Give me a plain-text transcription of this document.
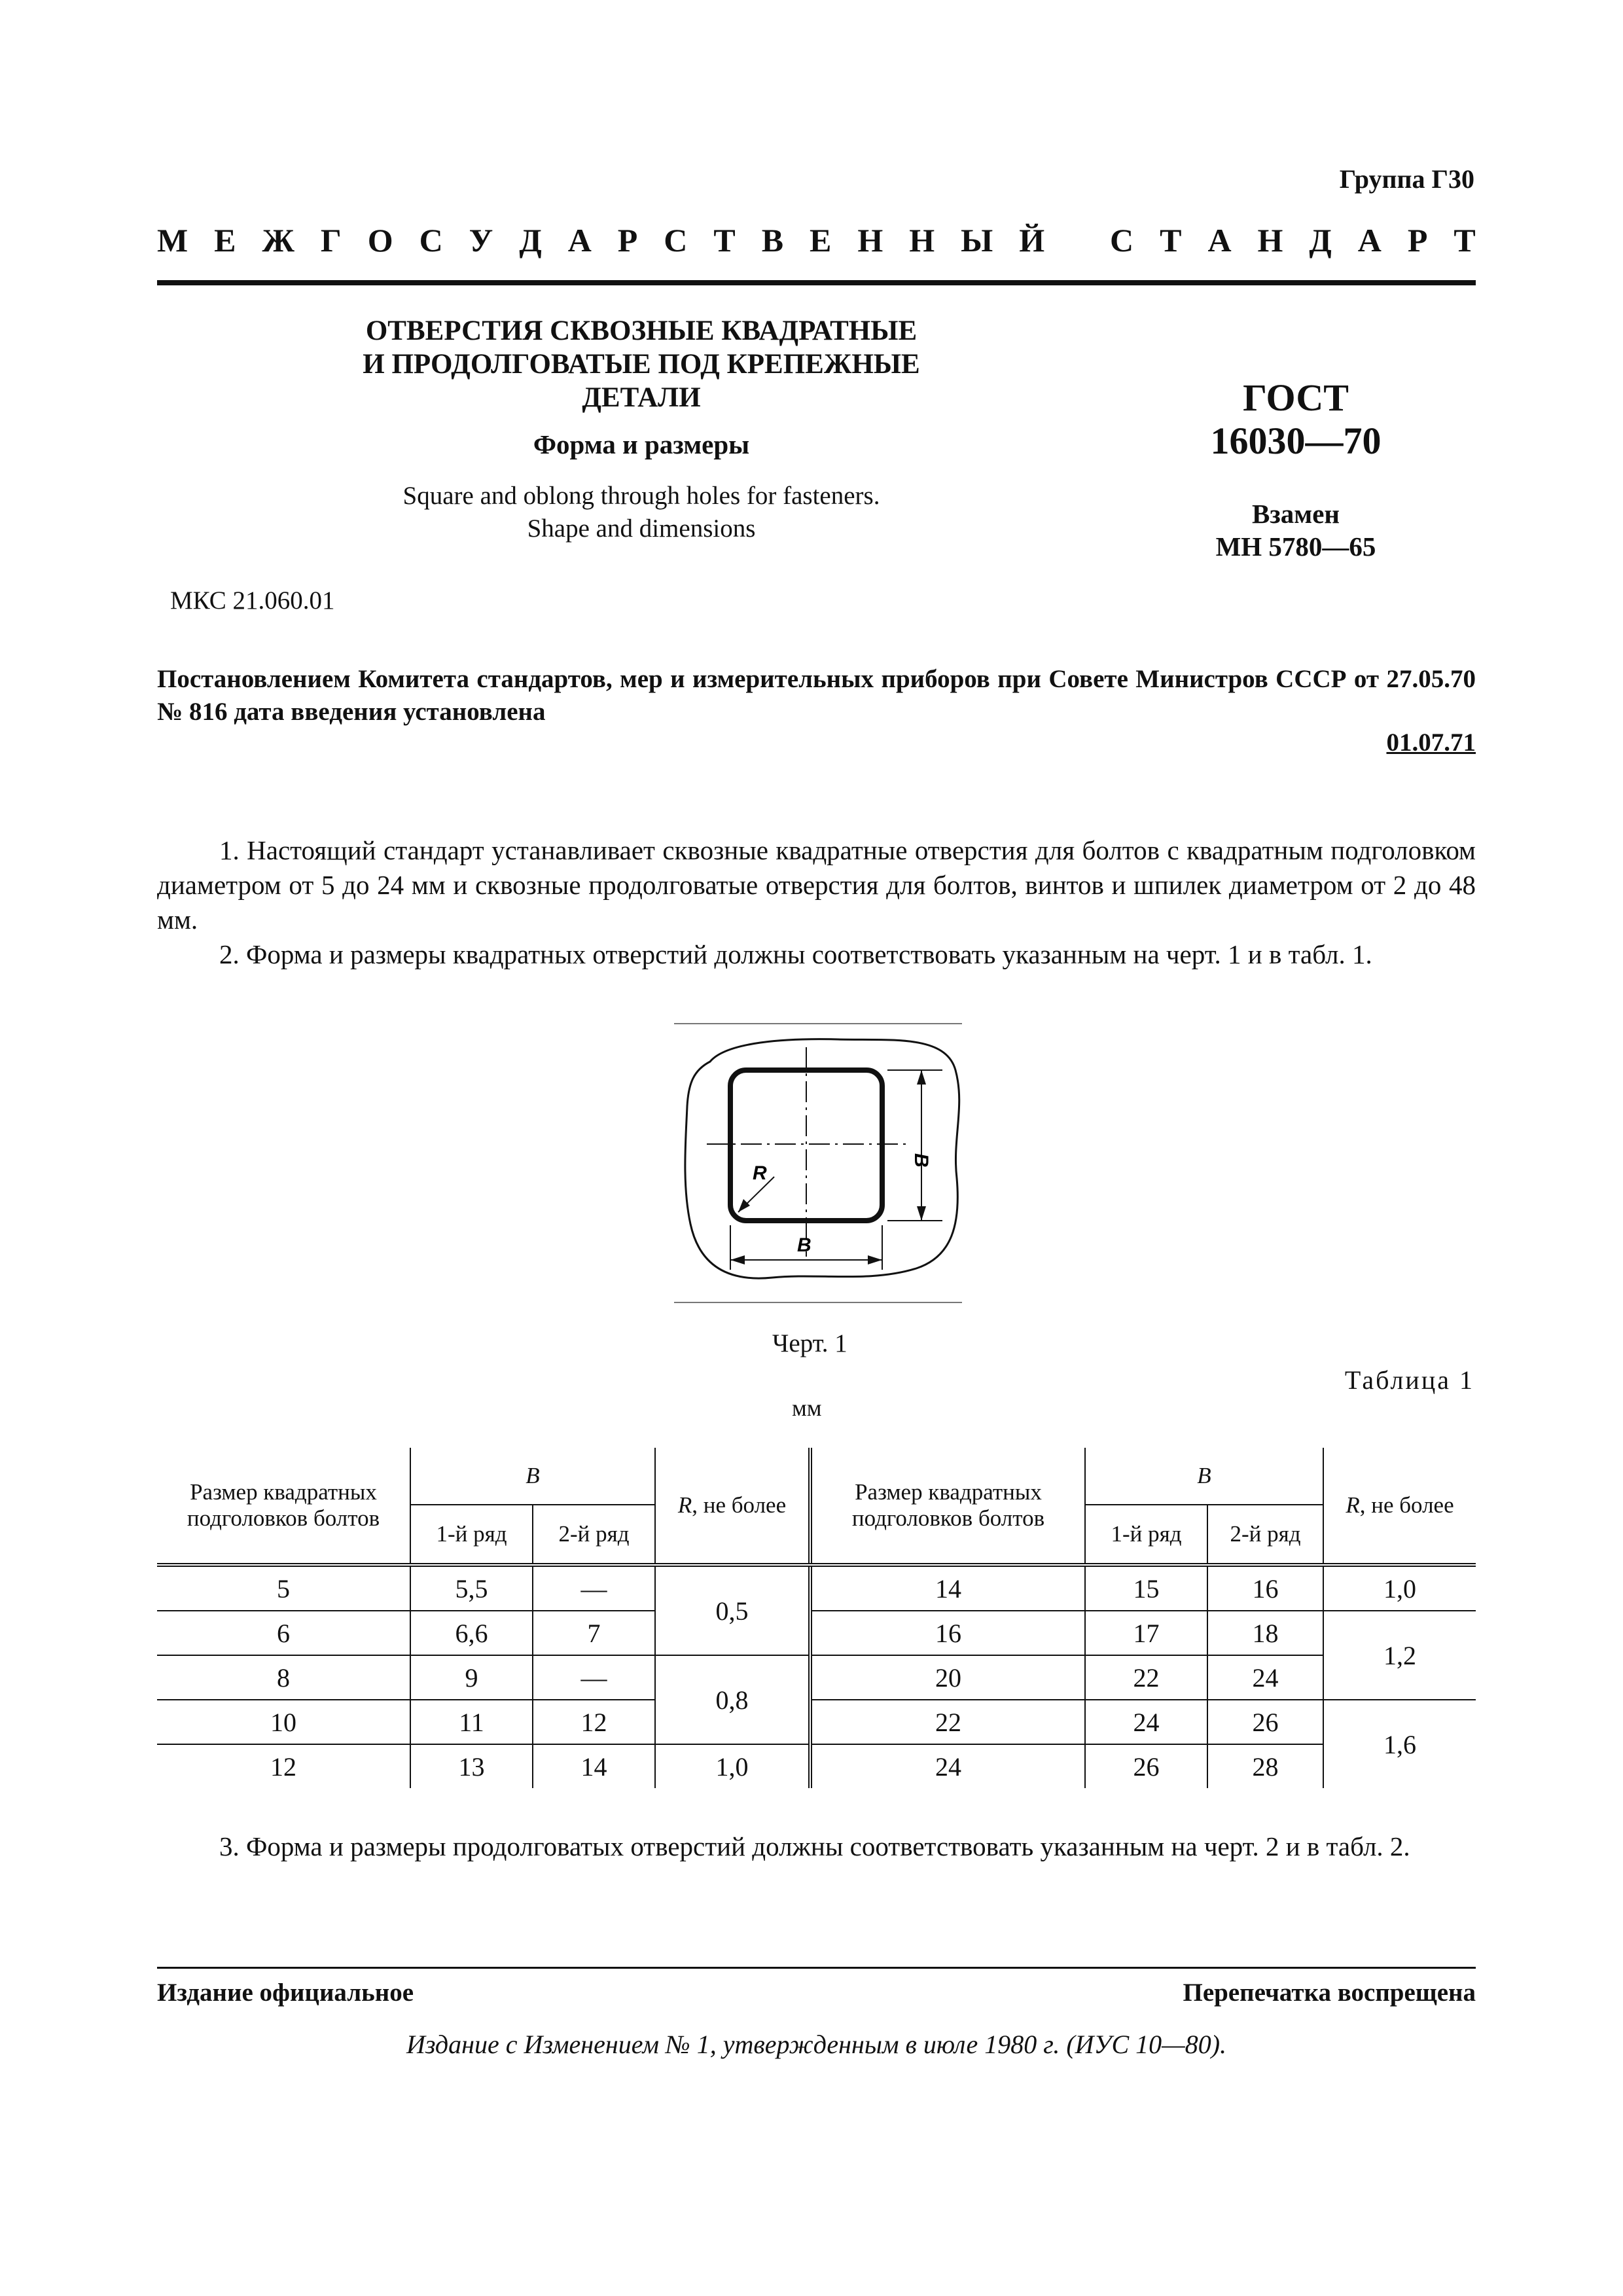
Группа Г30
М Е Ж Г О С У Д А Р С Т В Е Н Н Ы Й С Т А Н Д А Р Т
ОТВЕРСТИЯ СКВОЗНЫЕ КВАДРАТНЫЕ
И ПРОДОЛГОВАТЫЕ ПОД КРЕПЕЖНЫЕ
ДЕТАЛИ
Форма и размеры
Square and oblong through holes for fasteners.
Shape and dimensions
ГОСТ
16030—70
Взамен
МН 5780—65
МКС 21.060.01
Постановлением Комитета стандартов, мер и измерительных приборов при Совете Министров СССР от 27.05.70 № 816 дата введения установлена
01.07.71

1. Настоящий стандарт устанавливает сквозные квадратные отверстия для болтов с квадратным подголовком диаметром от 5 до 24 мм и сквозные продолговатые отверстия для болтов, винтов и шпилек диаметром от 2 до 48 мм.

2. Форма и размеры квадратных отверстий должны соответствовать указанным на черт. 1 и в табл. 1.

R
B
B
Черт. 1
Таблица 1
мм
Размер квадратных подголовков болтов	B		R, не более	Размер квадратных подголовков болтов	B		R, не более
	1-й ряд	2-й ряд			1-й ряд	2-й ряд	
5	5,5	—	0,5	14	15	16	1,0
6	6,6	7		16	17	18	1,2
8	9	—	0,8	20	22	24	
10	11	12		22	24	26	1,6
12	13	14	1,0	24	26	28	

3. Форма и размеры продолговатых отверстий должны соответствовать указанным на черт. 2 и в табл. 2.

Издание официальное	Перепечатка воспрещена
Издание с Изменением № 1, утвержденным в июле 1980 г. (ИУС 10—80).
